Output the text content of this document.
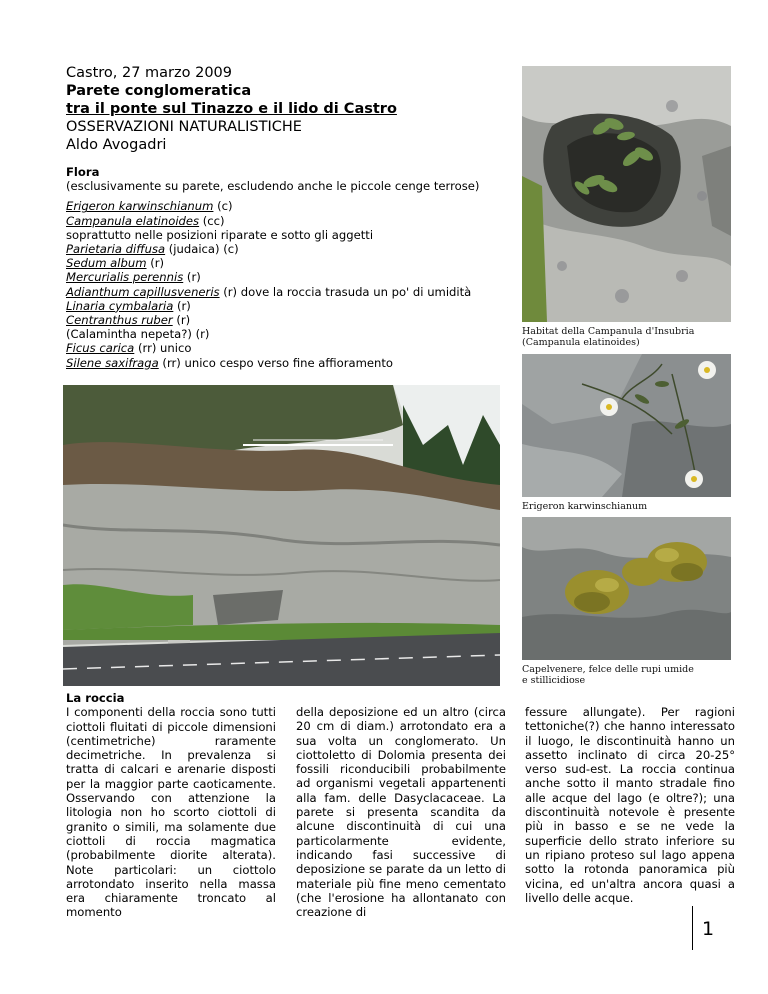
Castro, 27 marzo 2009
Parete conglomeratica
tra il ponte sul Tinazzo e il lido di Castro
OSSERVAZIONI NATURALISTICHE
Aldo Avogadri
Flora
(esclusivamente su parete, escludendo anche le piccole cenge terrose)
Erigeron karwinschianum (c)
Campanula elatinoides (cc)
soprattutto nelle posizioni riparate e sotto gli aggetti
Parietaria diffusa (judaica) (c)
Sedum album (r)
Mercurialis perennis (r)
Adianthum capillusveneris (r) dove la roccia trasuda un po' di umidità
Linaria cymbalaria (r)
Centranthus ruber (r)
(Calamintha nepeta?) (r)
Ficus carica (rr) unico
Silene saxifraga (rr) unico cespo verso fine affioramento
Habitat della Campanula d'Insubria
(Campanula elatinoides)
Erigeron karwinschianum
Capelvenere, felce delle rupi umide
e stillicidiose
La roccia
I componenti della roccia sono tutti ciottoli fluitati di piccole dimensioni (centimetriche) raramente decimetriche. In prevalenza si tratta di calcari e arenarie disposti per la maggior parte caoticamente. Osservando con attenzione la litologia non ho scorto ciottoli di granito o simili, ma solamente due ciottoli di roccia magmatica (probabilmente diorite alterata). Note particolari: un ciottolo arrotondato inserito nella massa era chiaramente troncato al momento
della deposizione ed un altro (circa 20 cm di diam.) arrotondato era a sua volta un conglomerato. Un ciottoletto di Dolomia presenta dei fossili riconducibili probabilmente ad organismi vegetali appartenenti alla fam. delle Dasyclacaceae. La parete si presenta scandita da alcune discontinuità di cui una particolarmente evidente, indicando fasi successive di deposizione se parate da un letto di materiale più fine meno cementato (che l'erosione ha allontanato con creazione di
fessure allungate). Per ragioni tettoniche(?) che hanno interessato il luogo, le discontinuità hanno un assetto inclinato di circa 20-25° verso sud-est. La roccia continua anche sotto il manto stradale fino alle acque del lago (e oltre?); una discontinuità notevole è presente più in basso e se ne vede la superficie dello strato inferiore su un ripiano proteso sul lago appena sotto la rotonda panoramica più vicina, ed un'altra ancora quasi a livello delle acque.
1
